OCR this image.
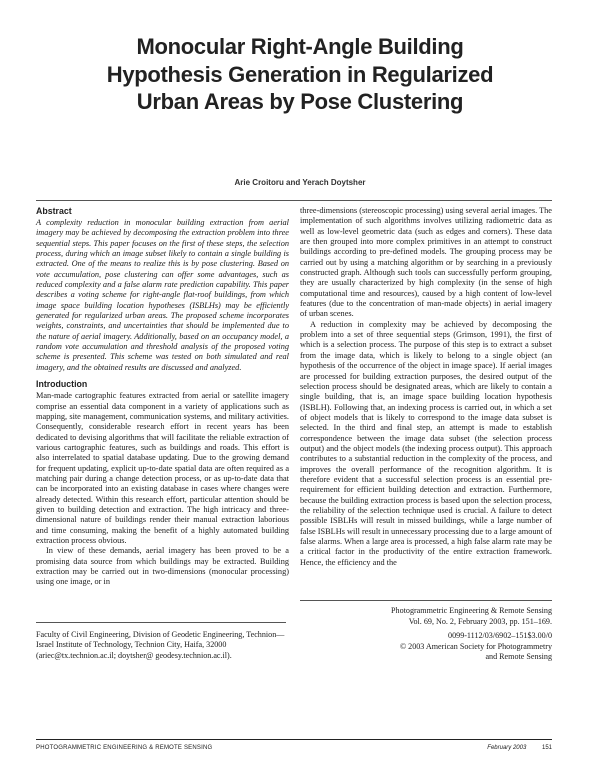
Monocular Right-Angle Building Hypothesis Generation in Regularized Urban Areas by Pose Clustering
Arie Croitoru and Yerach Doytsher
Abstract

A complexity reduction in monocular building extraction from aerial imagery may be achieved by decomposing the extraction problem into three sequential steps. This paper focuses on the first of these steps, the selection process, during which an image subset likely to contain a single building is extracted. One of the means to realize this is by pose clustering. Based on vote accumulation, pose clustering can offer some advantages, such as reduced complexity and a false alarm rate prediction capability. This paper describes a voting scheme for right-angle flat-roof buildings, from which image space building location hypotheses (ISBLHs) may be efficiently generated for regularized urban areas. The proposed scheme incorporates weights, constraints, and uncertainties that should be implemented due to the nature of aerial imagery. Additionally, based on an occupancy model, a random vote accumulation and threshold analysis of the proposed voting scheme is presented. This scheme was tested on both simulated and real imagery, and the obtained results are discussed and analyzed.

Introduction

Man-made cartographic features extracted from aerial or satellite imagery comprise an essential data component in a variety of applications such as mapping, site management, communication systems, and military activities. Consequently, considerable research effort in recent years has been dedicated to devising algorithms that will facilitate the reliable extraction of various cartographic features, such as buildings and roads. This effort is also interrelated to spatial database updating. Due to the growing demand for frequent updating, explicit up-to-date spatial data are often required as a matching pair during a change detection process, or as up-to-date data that can be incorporated into an existing database in cases where changes were already detected. Within this research effort, particular attention should be given to building detection and extraction. The high intricacy and three-dimensional nature of buildings render their manual extraction laborious and time consuming, making the benefit of a highly automated building extraction process obvious.

In view of these demands, aerial imagery has been proved to be a promising data source from which buildings may be extracted. Building extraction may be carried out in two-dimensions (monocular processing) using one image, or in

three-dimensions (stereoscopic processing) using several aerial images. The implementation of such algorithms involves utilizing radiometric data as well as low-level geometric data (such as edges and corners). These data are then grouped into more complex primitives in an attempt to construct buildings according to pre-defined models. The grouping process may be carried out by using a matching algorithm or by searching in a previously constructed graph. Although such tools can successfully perform grouping, they are usually characterized by high complexity (in the sense of high computational time and resources), caused by a high content of low-level features (due to the concentration of man-made objects) in aerial imagery of urban scenes.

A reduction in complexity may be achieved by decomposing the problem into a set of three sequential steps (Grimson, 1991), the first of which is a selection process. The purpose of this step is to extract a subset from the image data, which is likely to belong to a single object (an hypothesis of the occurrence of the object in image space). If aerial images are processed for building extraction purposes, the desired output of the selection process should be designated areas, which are likely to contain a single building, that is, an image space building location hypothesis (ISBLH). Following that, an indexing process is carried out, in which a set of object models that is likely to correspond to the image data subset is selected. In the third and final step, an attempt is made to establish correspondence between the image data subset (the selection process output) and the object models (the indexing process output). This approach contributes to a substantial reduction in the complexity of the process, and improves the overall performance of the recognition algorithm. It is therefore evident that a successful selection process is an essential pre-requirement for efficient building detection and extraction. Furthermore, because the building extraction process is based upon the selection process, the reliability of the selection technique used is crucial. A failure to detect possible ISBLHs will result in missed buildings, while a large number of false ISBLHs will result in unnecessary processing due to a large amount of false alarms. When a large area is processed, a high false alarm rate may be a critical factor in the productivity of the entire extraction framework. Hence, the efficiency and the

Faculty of Civil Engineering, Division of Geodetic Engineering, Technion—Israel Institute of Technology, Technion City, Haifa, 32000 (ariec@tx.technion.ac.il; doytsher@ geodesy.technion.ac.il).

Photogrammetric Engineering & Remote Sensing

Vol. 69, No. 2, February 2003, pp. 151–169.

0099-1112/03/6902–151$3.00/0

© 2003 American Society for Photogrammetry

and Remote Sensing

PHOTOGRAMMETRIC ENGINEERING & REMOTE SENSING	February 2003	151
